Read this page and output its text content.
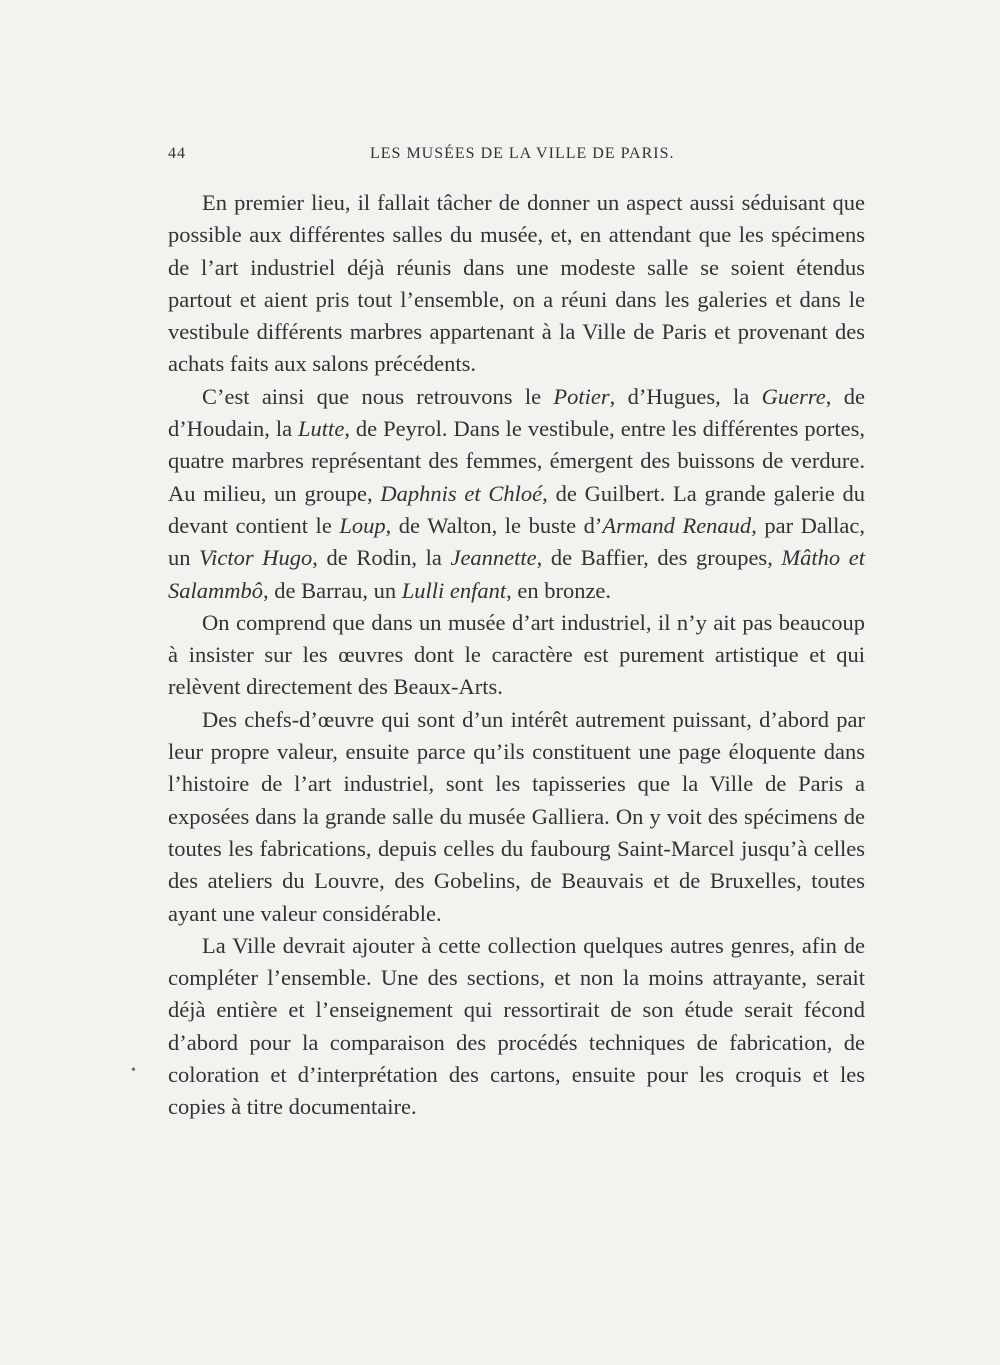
44	LES MUSÉES DE LA VILLE DE PARIS.

En premier lieu, il fallait tâcher de donner un aspect aussi séduisant que possible aux différentes salles du musée, et, en attendant que les spécimens de l’art industriel déjà réunis dans une modeste salle se soient étendus partout et aient pris tout l’ensemble, on a réuni dans les galeries et dans le vestibule différents marbres appartenant à la Ville de Paris et provenant des achats faits aux salons précédents.

C’est ainsi que nous retrouvons le Potier, d’Hugues, la Guerre, de d’Houdain, la Lutte, de Peyrol. Dans le vestibule, entre les différentes portes, quatre marbres représentant des femmes, émergent des buissons de verdure. Au milieu, un groupe, Daphnis et Chloé, de Guilbert. La grande galerie du devant contient le Loup, de Walton, le buste d’Armand Renaud, par Dallac, un Victor Hugo, de Rodin, la Jeannette, de Baffier, des groupes, Mâtho et Salammbô, de Barrau, un Lulli enfant, en bronze.

On comprend que dans un musée d’art industriel, il n’y ait pas beaucoup à insister sur les œuvres dont le caractère est purement artistique et qui relèvent directement des Beaux-Arts.

Des chefs-d’œuvre qui sont d’un intérêt autrement puissant, d’abord par leur propre valeur, ensuite parce qu’ils constituent une page éloquente dans l’histoire de l’art industriel, sont les tapisseries que la Ville de Paris a exposées dans la grande salle du musée Galliera. On y voit des spécimens de toutes les fabrications, depuis celles du faubourg Saint-Marcel jusqu’à celles des ateliers du Louvre, des Gobelins, de Beauvais et de Bruxelles, toutes ayant une valeur considérable.

La Ville devrait ajouter à cette collection quelques autres genres, afin de compléter l’ensemble. Une des sections, et non la moins attrayante, serait déjà entière et l’enseignement qui ressortirait de son étude serait fécond d’abord pour la comparaison des procédés techniques de fabrication, de coloration et d’interprétation des cartons, ensuite pour les croquis et les copies à titre documentaire.

•
